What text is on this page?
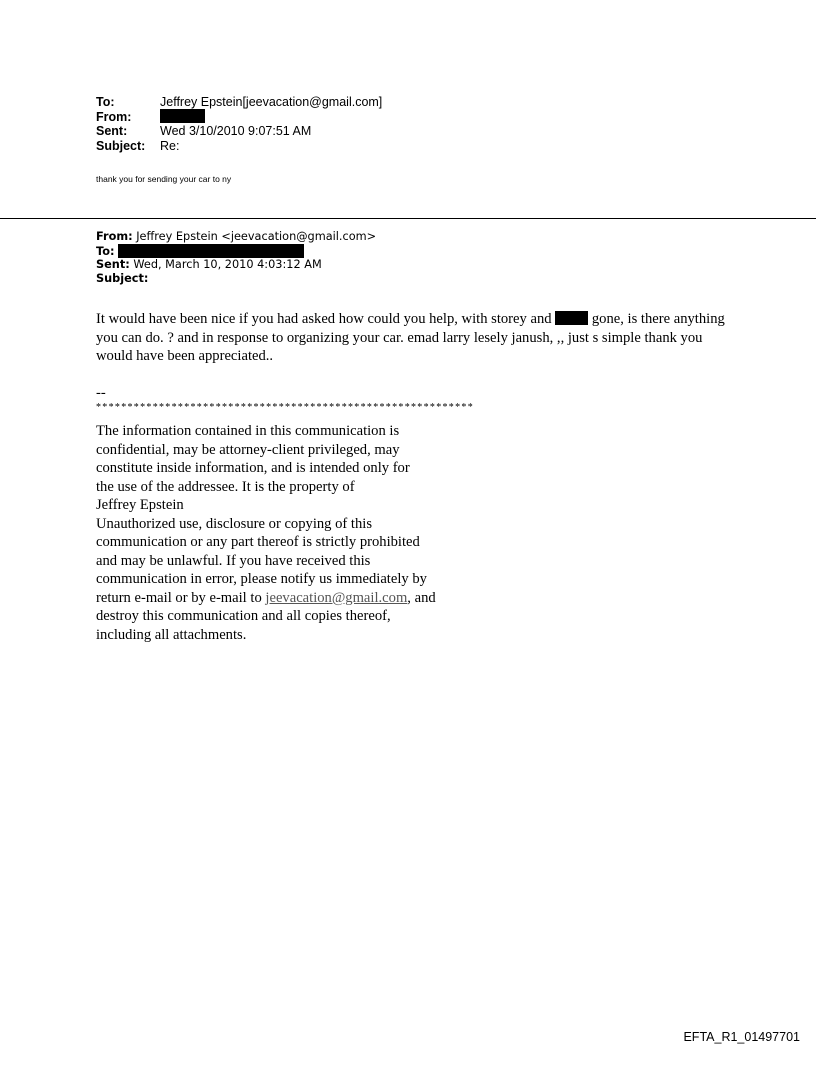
To:	Jeffrey Epstein[jeevacation@gmail.com]
From:
Sent:	Wed 3/10/2010 9:07:51 AM
Subject:	Re:
thank you for sending your car to ny
From: Jeffrey Epstein <jeevacation@gmail.com>
To:
Sent: Wed, March 10, 2010 4:03:12 AM
Subject:

It would have been nice if you had asked how could you help, with storey and	gone, is there anything you can do. ? and in response to organizing your car. emad larry lesely janush, ,, just s simple thank you would have been appreciated..

--
************************************************************
The information contained in this communication is
confidential, may be attorney-client privileged, may
constitute inside information, and is intended only for
the use of the addressee. It is the property of
Jeffrey Epstein
Unauthorized use, disclosure or copying of this
communication or any part thereof is strictly prohibited
and may be unlawful. If you have received this
communication in error, please notify us immediately by
return e-mail or by e-mail to jeevacation@gmail.com, and
destroy this communication and all copies thereof,
including all attachments.
EFTA_R1_01497701
